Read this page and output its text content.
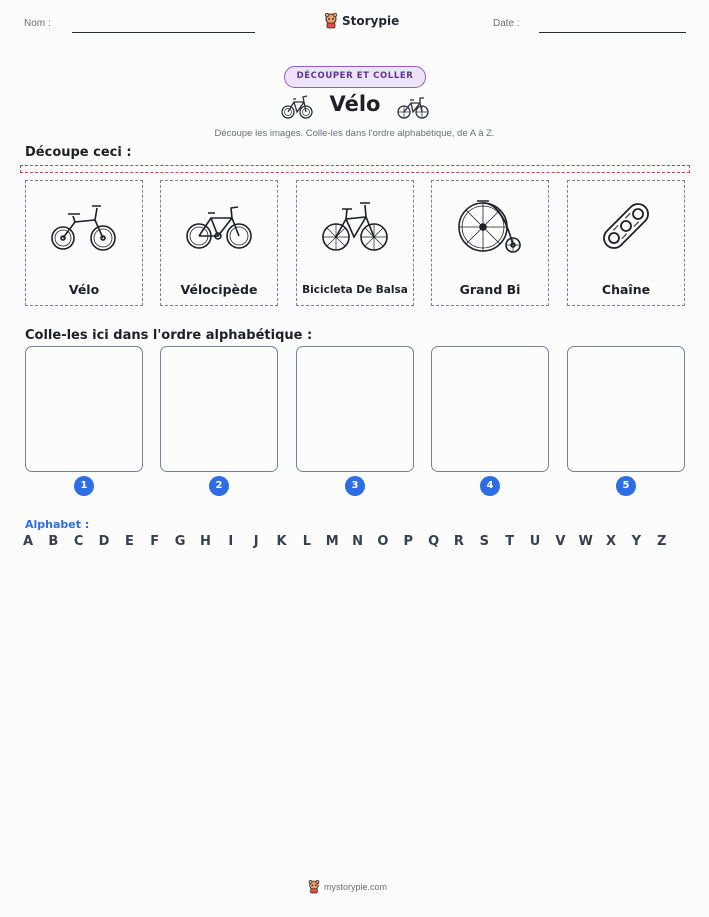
Nom :	Storypie	Date :
DÉCOUPER ET COLLER
Vélo
Découpe les images. Colle-les dans l'ordre alphabétique, de A à Z.
Découpe ceci :
Vélo	Vélocipède	Bicicleta De Balsa	Grand Bi	Chaîne
Colle-les ici dans l'ordre alphabétique :
1	2	3	4	5
Alphabet :
A	B	C	D	E	F	G	H	I	J	K	L	M	N	O	P	Q	R	S	T	U	V	W	X	Y	Z
mystorypie.com
